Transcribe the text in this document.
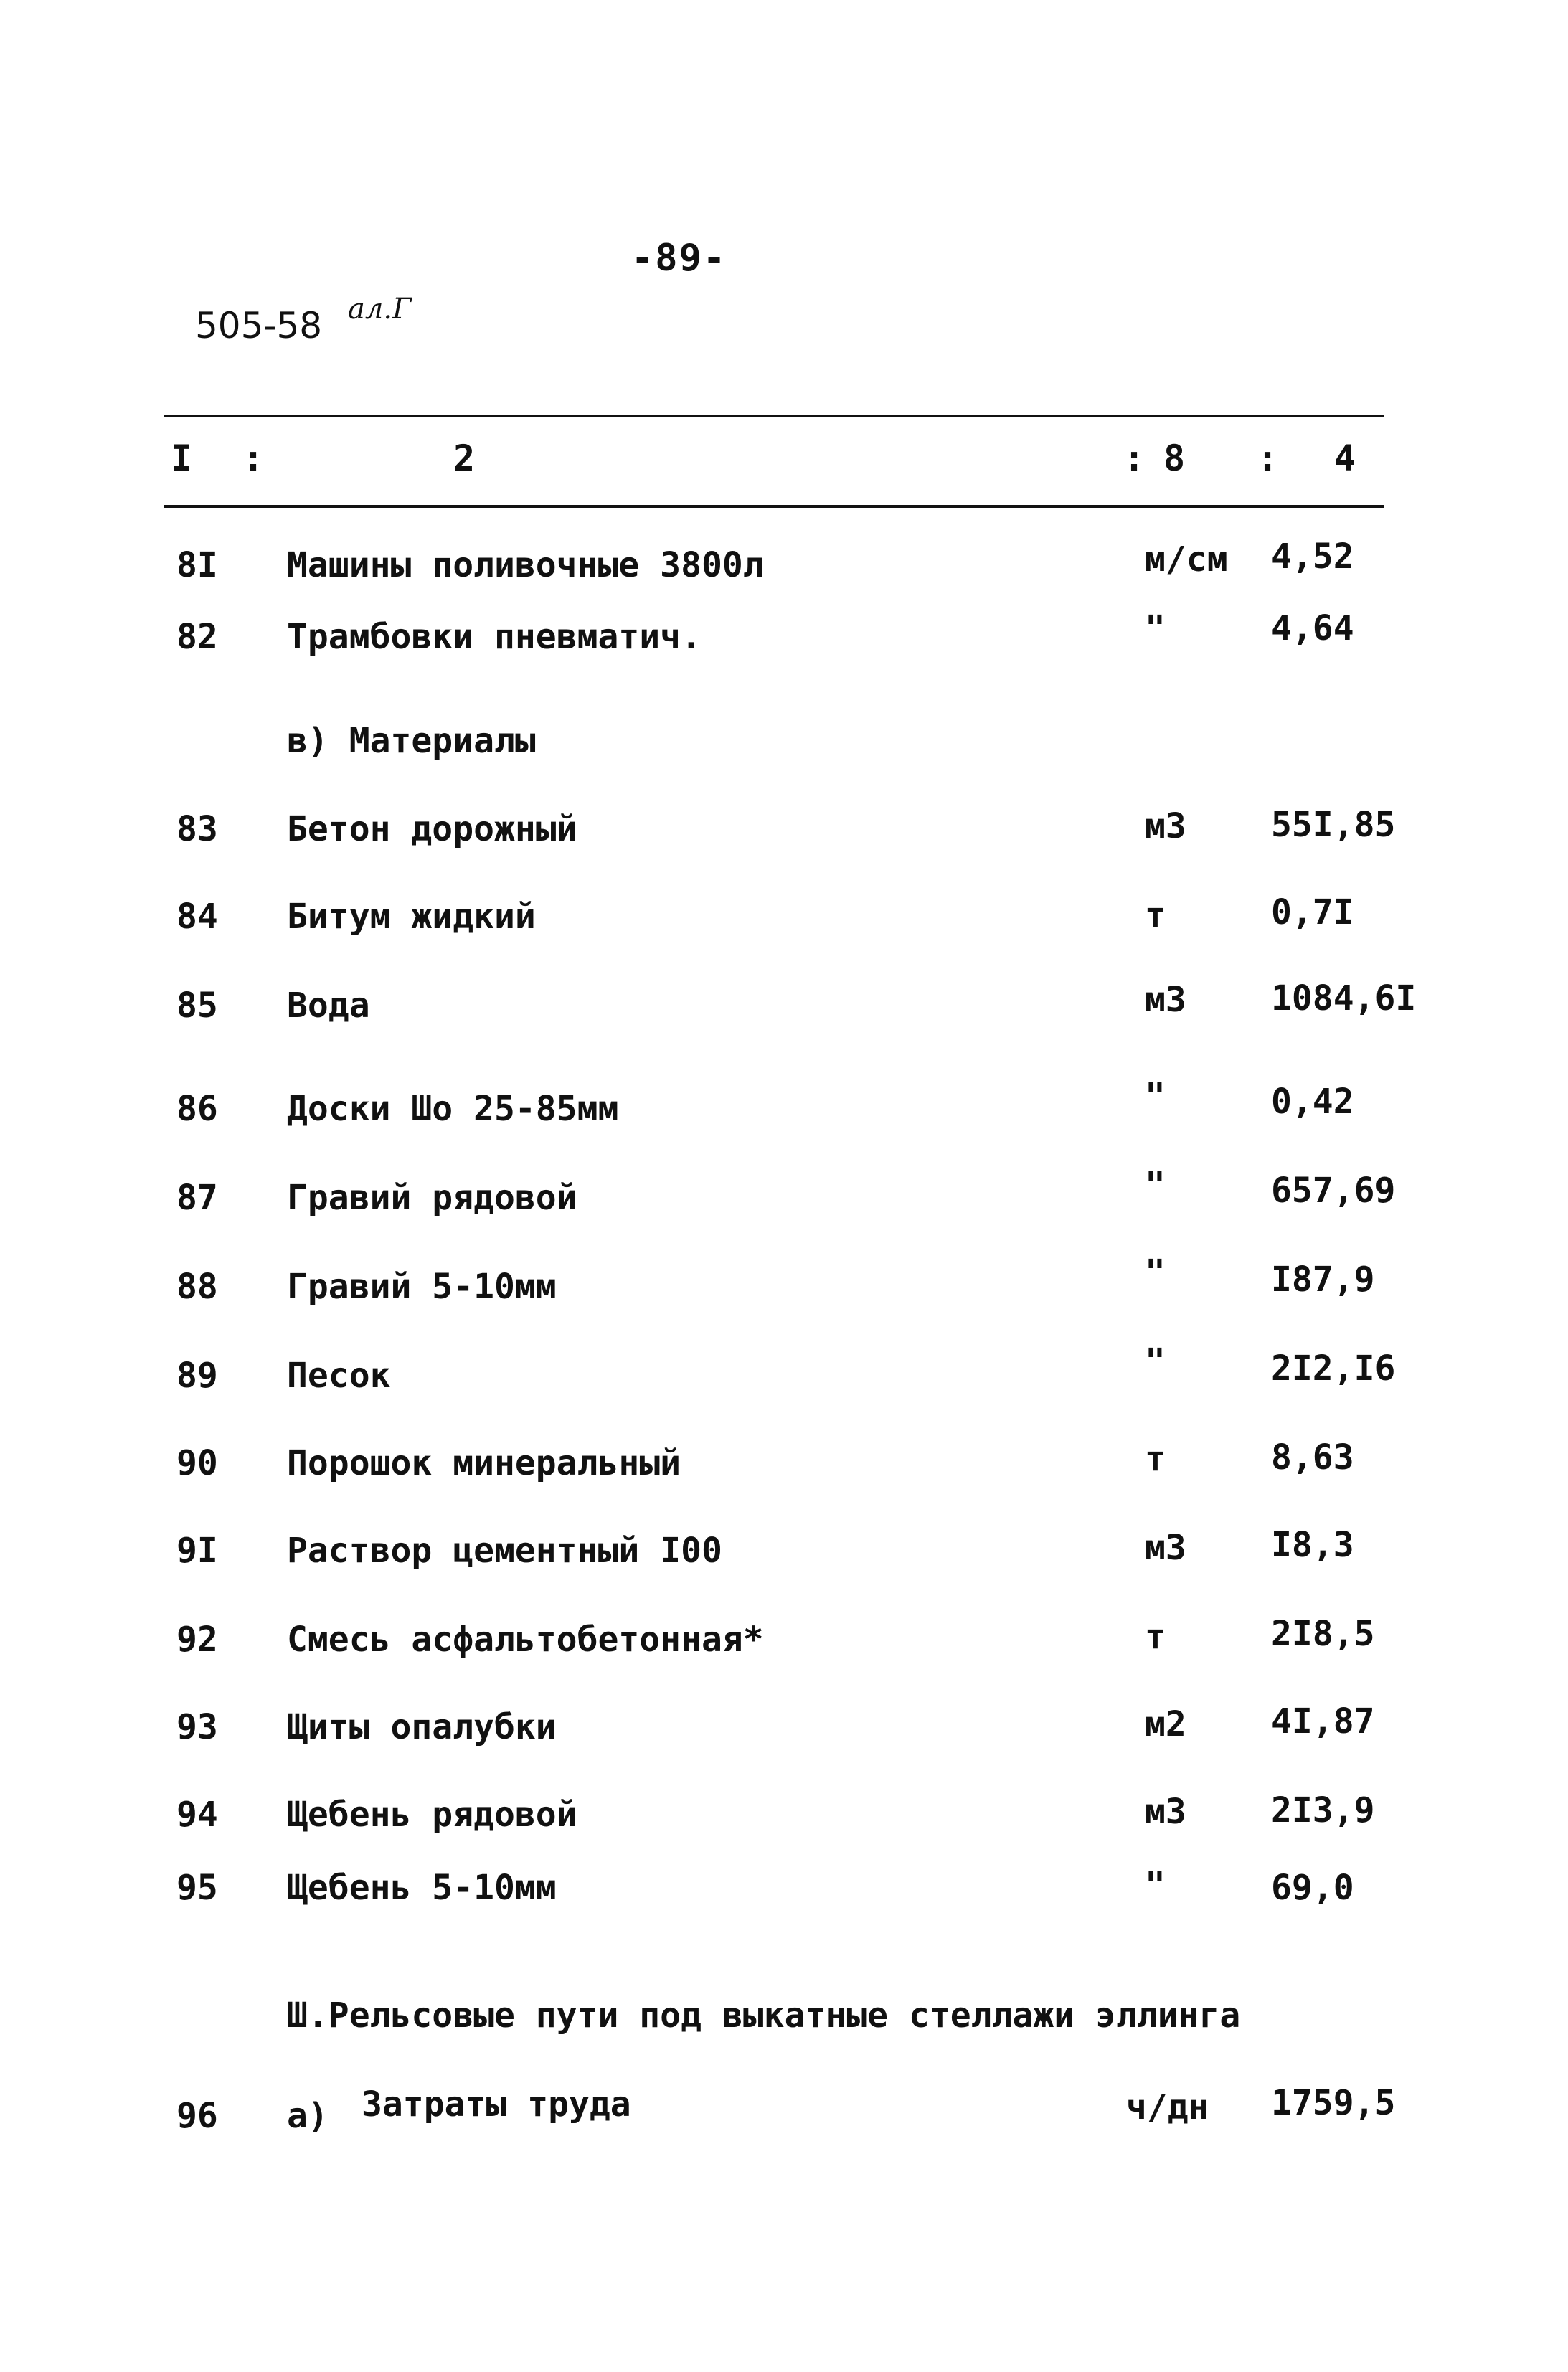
-89-
505-58 ал.Г
I :	2	: 8 : 4
8I Машины поливочные 3800л	м/см 4,52
82 Трамбовки пневматич.	"	4,64
в) Материалы
83 Бетон дорожный	м3 55I,85
84 Битум жидкий	т	0,7I
85 Вода	м3 1084,6I
86 Доски Шо 25-85мм	"	0,42
87 Гравий рядовой	"	657,69
88 Гравий 5-10мм	"	I87,9
89 Песок	"	2I2,I6
90 Порошок минеральный	т	8,63
9I Раствор цементный I00	м3 I8,3
92 Смесь асфальтобетонная*	т	2I8,5
93 Щиты опалубки	м2 4I,87
94 Щебень рядовой	м3 2I3,9
95 Щебень 5-10мм	"	69,0
Ш.Рельсовые пути под выкатные стеллажи эллинга
96 а) Затраты труда	ч/дн 1759,5
